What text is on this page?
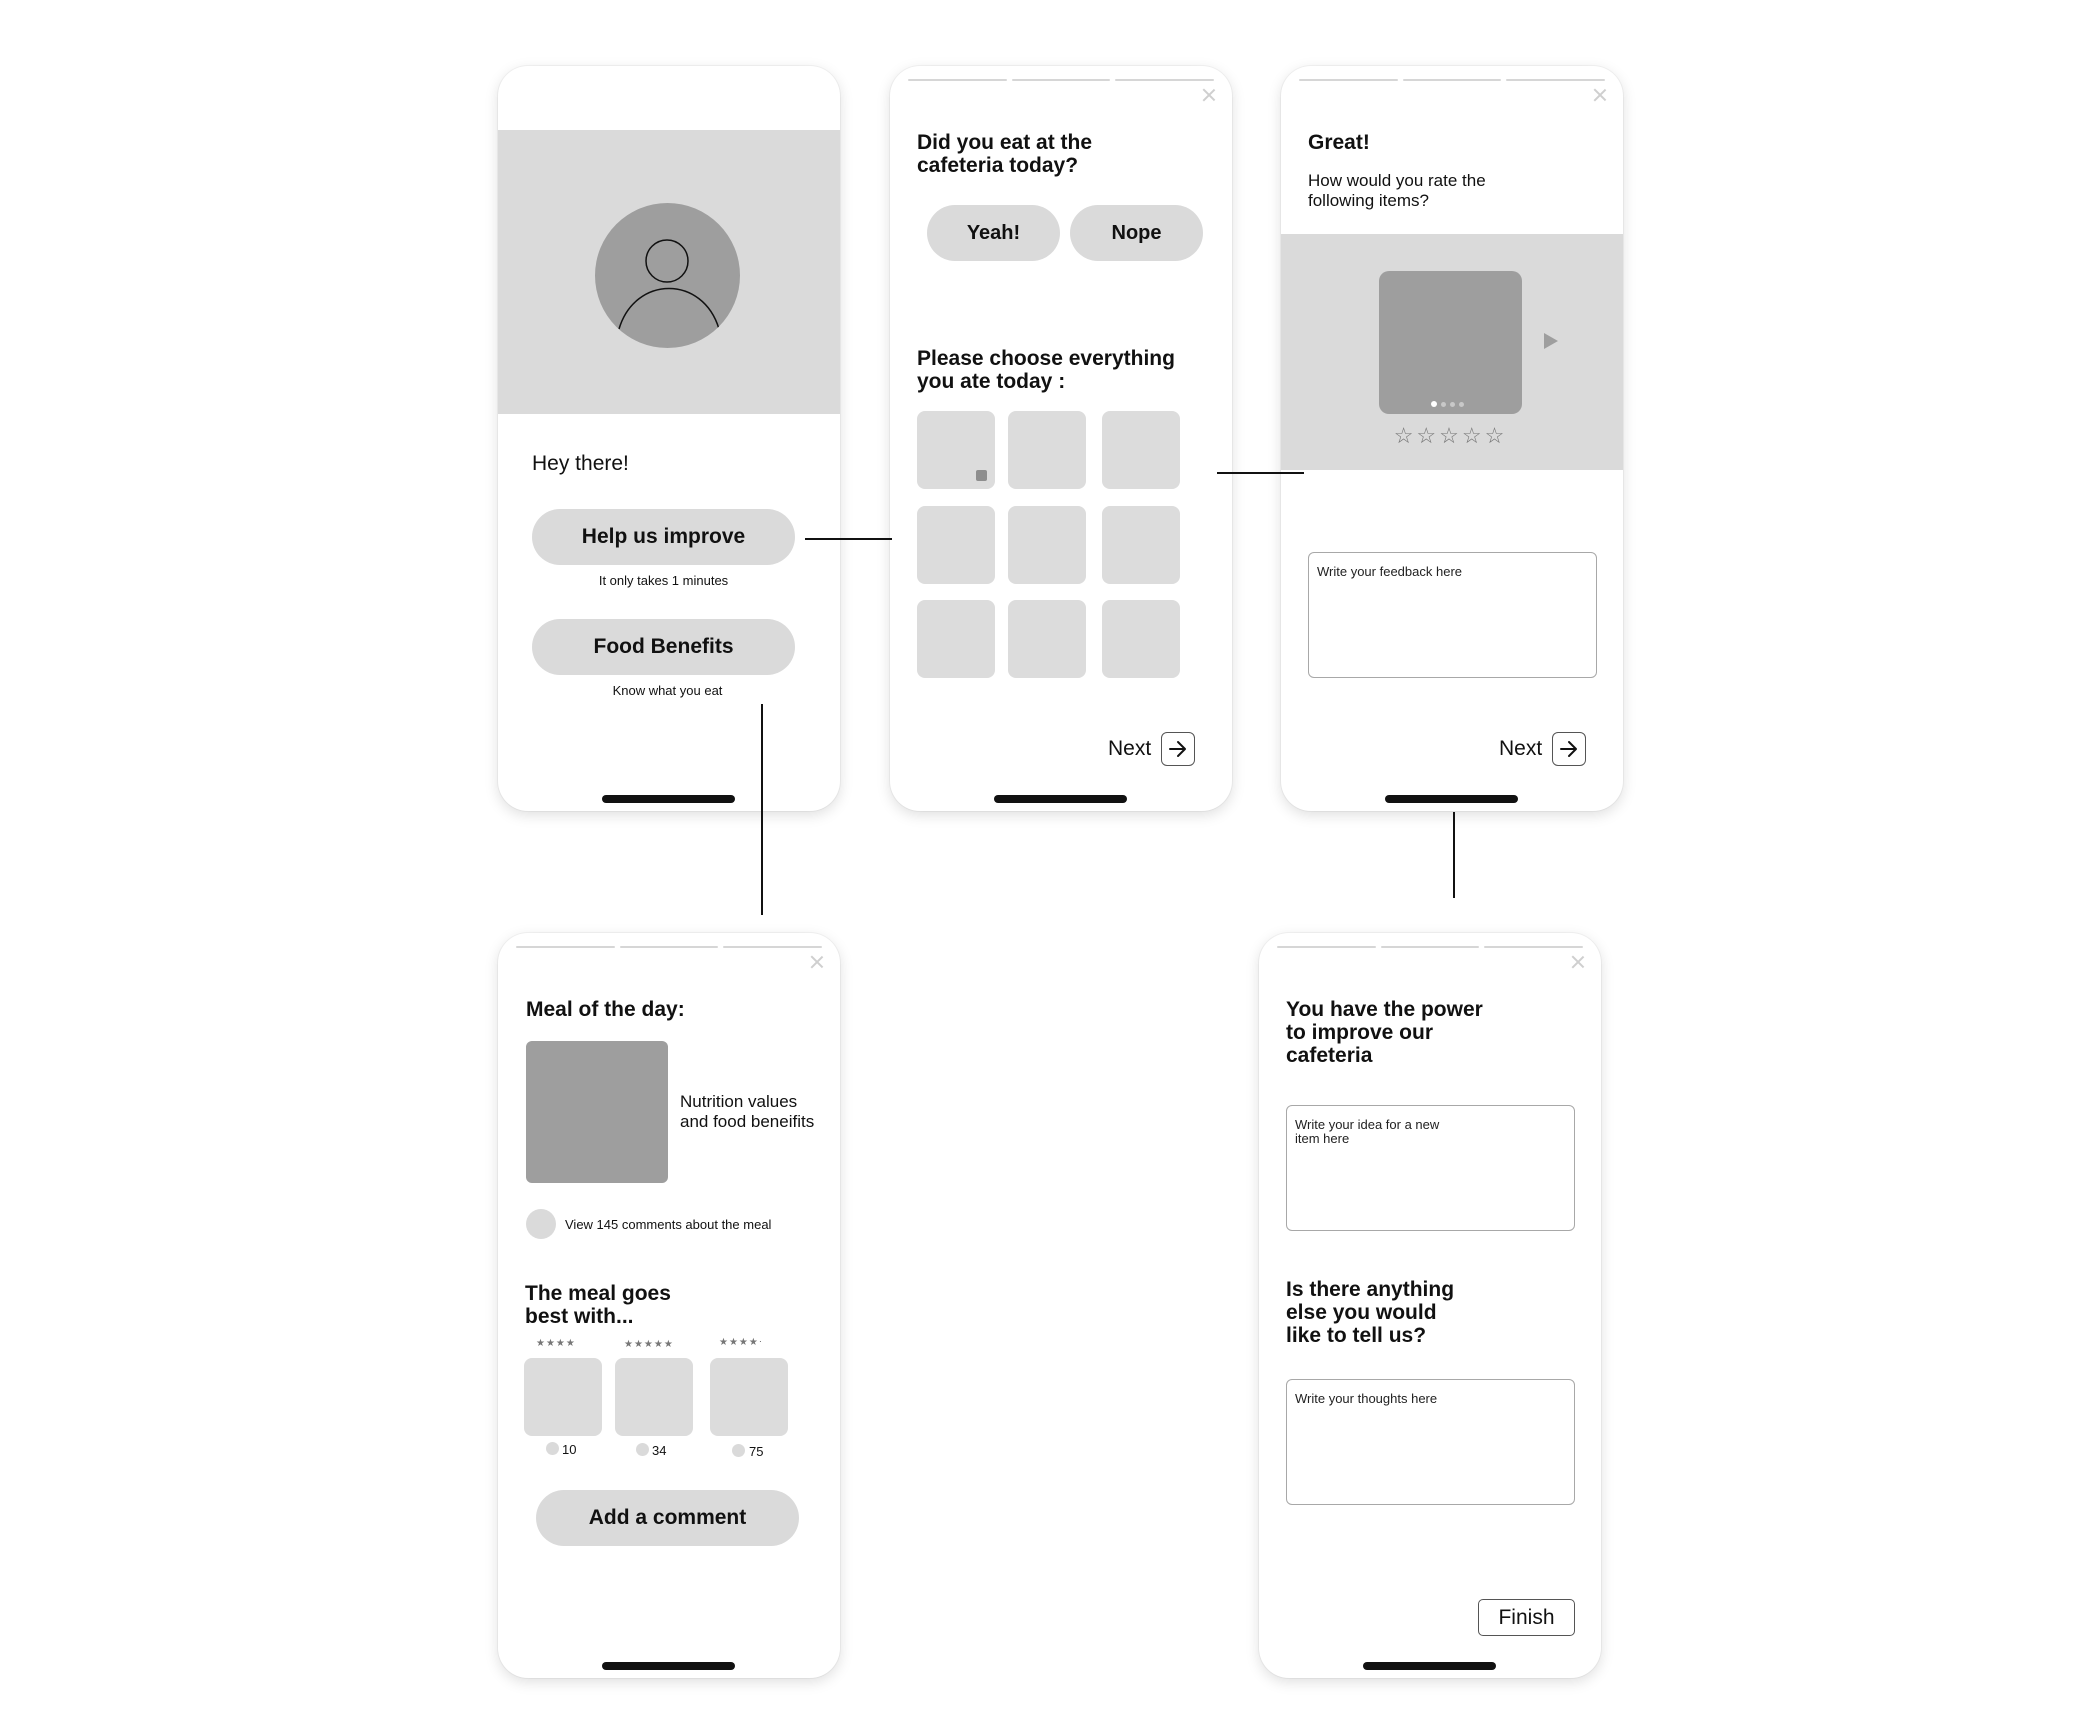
Hey there!
Help us improve
It only takes 1 minutes
Food Benefits
Know what you eat
Did you eat at the cafeteria today?
Yeah!	Nope
Please choose everything you ate today :
Next
Great!
How would you rate the following items?
☆☆☆☆☆
Write your feedback here
Next
Meal of the day:
Nutrition values and food beneifits
View 145 comments about the meal
The meal goes best with...
★★★★
10
★★★★★
34
★★★★⋅
75
Add a comment
You have the power to improve our cafeteria
Write your idea for a new item here
Is there anything else you would like to tell us?
Write your thoughts here
Finish
